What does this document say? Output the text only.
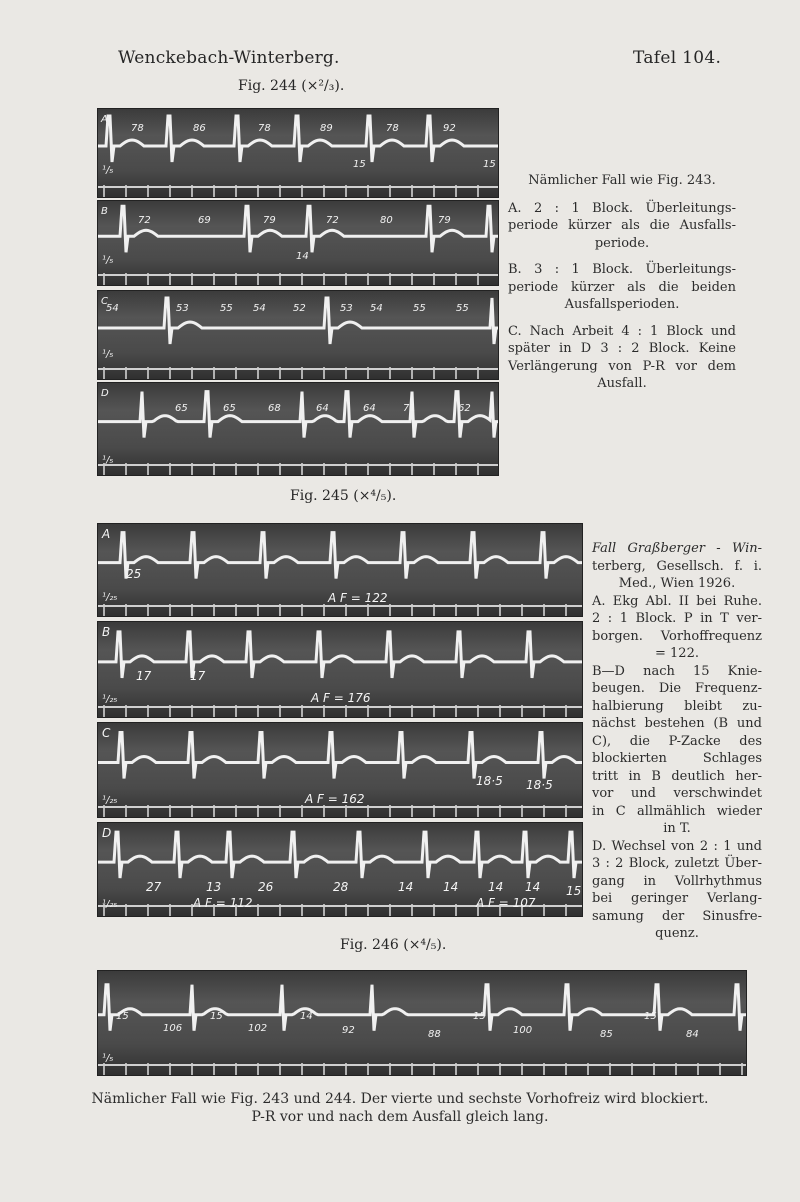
Wenckebach-Winterberg.	Tafel 104.
Fig. 244 (×²/₃).
A
78	86	78	89	78	92
15	15
¹/₅
B
72	69	79	72	80	79
14
¹/₅
C
54	53	55 54	52	53 54	55	55
¹/₅
D
65	65	68	64	64	71	62
¹/₅

Nämlicher Fall wie Fig. 243.

A. 2 : 1 Block. Überleitungs-

periode kürzer als die Ausfalls-

periode.

B. 3 : 1 Block. Überleitungs-

periode kürzer als die beiden

Ausfallsperioden.

C. Nach Arbeit 4 : 1 Block und

später in D 3 : 2 Block. Keine

Verlängerung von P-R vor dem

Ausfall.

Fig. 245 (×⁴/₅).
A
25
A F = 122
¹/₂₅
B
17	17
A F = 176
¹/₂₅
C
18·5 18·5
A F = 162
¹/₂₅
D
27	13	26	28	14 14 14 14 15
A F = 112	A F = 107
¹/₂₅

Fall Graßberger - Win-

terberg, Gesellsch. f. i.

Med., Wien 1926.

A. Ekg Abl. II bei Ruhe.

2 : 1 Block. P in T ver-

borgen. Vorhoffrequenz

= 122.

B—D nach 15 Knie-

beugen. Die Frequenz-

halbierung bleibt zu-

nächst bestehen (B und

C), die P-Zacke des

blockierten Schlages

tritt in B deutlich her-

vor und verschwindet

in C allmählich wieder

in T.

D. Wechsel von 2 : 1 und

3 : 2 Block, zuletzt Über-

gang in Vollrhythmus

bei geringer Verlang-

samung der Sinusfre-

quenz.

Fig. 246 (×⁴/₅).
15	15	14	15	15
106	102	92	88	100	85	84
¹/₅
Nämlicher Fall wie Fig. 243 und 244. Der vierte und sechste Vorhofreiz wird blockiert.
P-R vor und nach dem Ausfall gleich lang.
